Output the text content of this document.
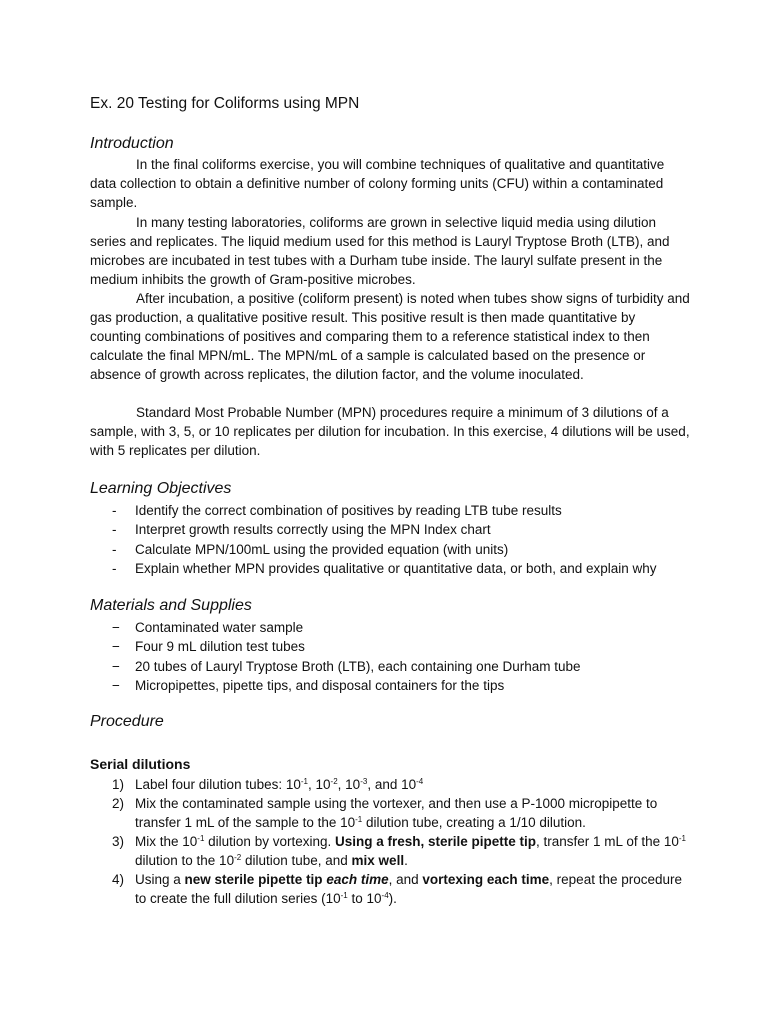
Ex. 20 Testing for Coliforms using MPN
Introduction

In the final coliforms exercise, you will combine techniques of qualitative and quantitative data collection to obtain a definitive number of colony forming units (CFU) within a contaminated sample.

In many testing laboratories, coliforms are grown in selective liquid media using dilution series and replicates. The liquid medium used for this method is Lauryl Tryptose Broth (LTB), and microbes are incubated in test tubes with a Durham tube inside. The lauryl sulfate present in the medium inhibits the growth of Gram-positive microbes.

After incubation, a positive (coliform present) is noted when tubes show signs of turbidity and gas production, a qualitative positive result. This positive result is then made quantitative by counting combinations of positives and comparing them to a reference statistical index to then calculate the final MPN/mL. The MPN/mL of a sample is calculated based on the presence or absence of growth across replicates, the dilution factor, and the volume inoculated.

Standard Most Probable Number (MPN) procedures require a minimum of 3 dilutions of a sample, with 3, 5, or 10 replicates per dilution for incubation. In this exercise, 4 dilutions will be used, with 5 replicates per dilution.

Learning Objectives
- Identify the correct combination of positives by reading LTB tube results
- Interpret growth results correctly using the MPN Index chart
- Calculate MPN/100mL using the provided equation (with units)
- Explain whether MPN provides qualitative or quantitative data, or both, and explain why
Materials and Supplies
− Contaminated water sample
− Four 9 mL dilution test tubes
− 20 tubes of Lauryl Tryptose Broth (LTB), each containing one Durham tube
− Micropipettes, pipette tips, and disposal containers for the tips
Procedure
Serial dilutions
1) Label four dilution tubes: $10^{-1}$, $10^{-2}$, $10^{-3}$, and $10^{-4}$
2) Mix the contaminated sample using the vortexer, and then use a P-1000 micropipette to transfer 1 mL of the sample to the $10^{-1}$ dilution tube, creating a 1/10 dilution.
3) Mix the $10^{-1}$ dilution by vortexing. Using a fresh, sterile pipette tip, transfer 1 mL of the $10^{-1}$ dilution to the $10^{-2}$ dilution tube, and mix well.
4) Using a new sterile pipette tip each time, and vortexing each time, repeat the procedure to create the full dilution series ($10^{-1}$ to $10^{-4}$).
